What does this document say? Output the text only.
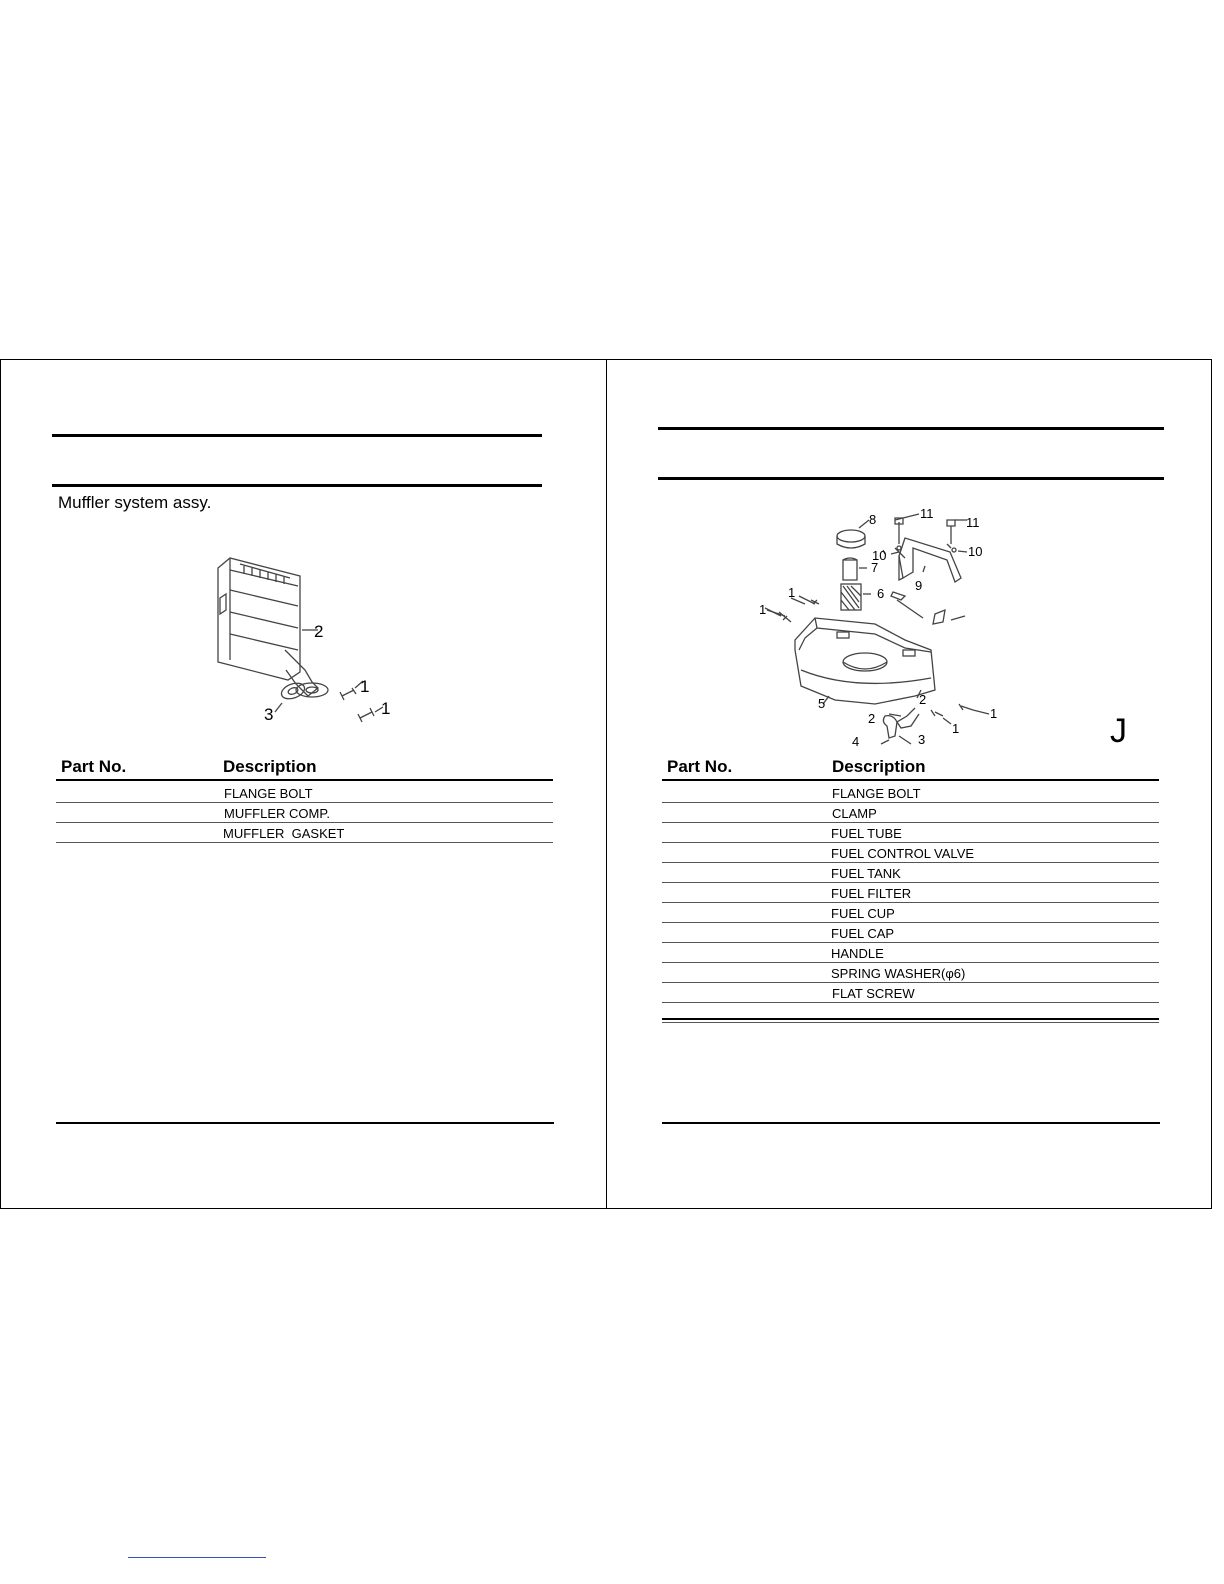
Muffler system assy.
1
1
2
3
Part No.	Description
FLANGE BOLT
MUFFLER COMP.
MUFFLER  GASKET
1
1
1
1
2
2
3
4
5
6
7
8
9
10	10
11
11
J
Part No.	Description
FLANGE BOLT
CLAMP
FUEL TUBE
FUEL CONTROL VALVE
FUEL TANK
FUEL FILTER
FUEL CUP
FUEL CAP
HANDLE
SPRING WASHER(φ6)
FLAT SCREW
